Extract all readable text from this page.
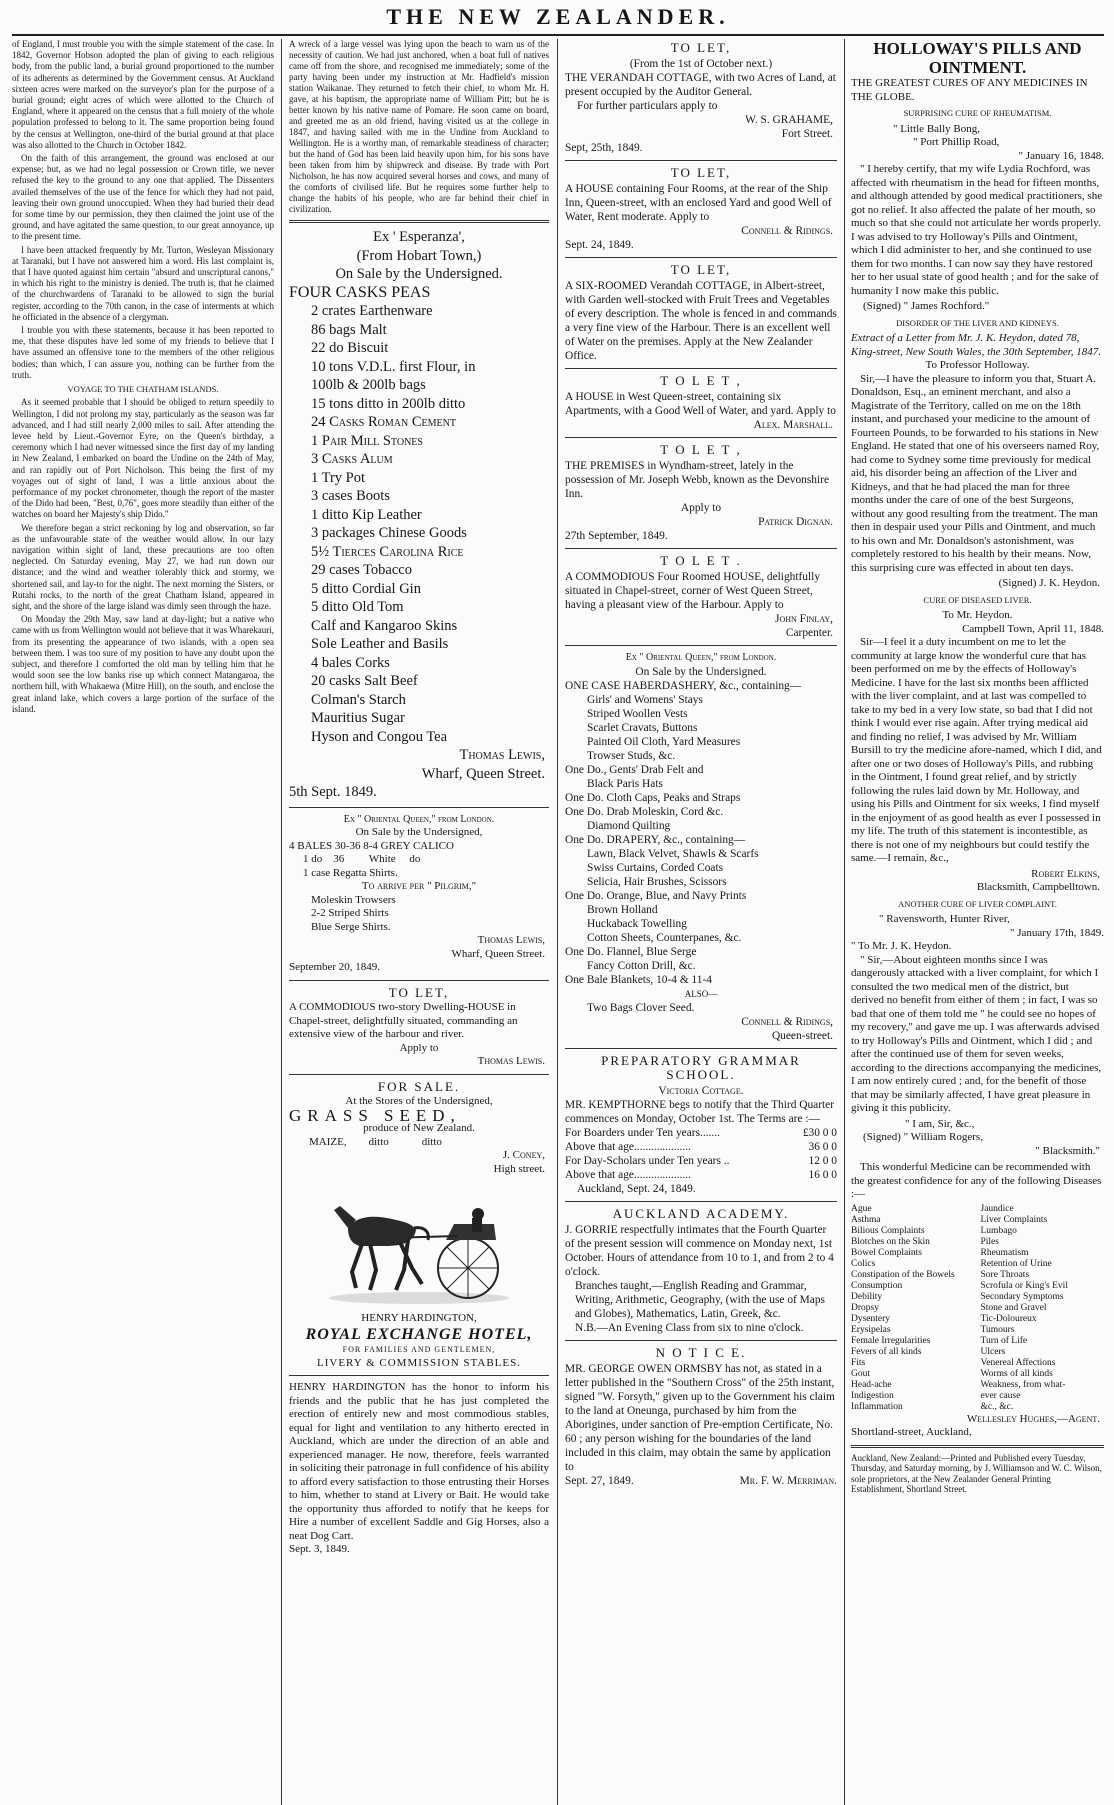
THE NEW ZEALANDER.

of England, I must trouble you with the simple statement of the case. In 1842, Governor Hobson adopted the plan of giving to each religious body, from the public land, a burial ground proportioned to the number of its adherents as determined by the Government census. At Auckland sixteen acres were marked on the surveyor's plan for the purpose of a burial ground; eight acres of which were allotted to the Church of England, where it appeared on the census that a full moiety of the whole population professed to belong to it. The same proportion being found by the census at Wellington, one-third of the burial ground at that place was also allotted to the Church in October 1842.

On the faith of this arrangement, the ground was enclosed at our expense; but, as we had no legal possession or Crown title, we never refused the key to the ground to any one that applied. The Dissenters availed themselves of the use of the fence for which they had not paid, leaving their own ground unoccupied. When they had buried their dead for some time by our permission, they then claimed the joint use of the ground, and have agitated the same question, to our great annoyance, up to the present time.

I have been attacked frequently by Mr. Turton, Wesleyan Missionary at Taranaki, but I have not answered him a word. His last complaint is, that I have quoted against him certain "absurd and unscriptural canons," in which his right to the ministry is denied. The truth is, that he claimed of the churchwardens of Taranaki to be allowed to sign the burial register, according to the 70th canon, in the case of interments at which he officiated in the absence of a clergyman.

I trouble you with these statements, because it has been reported to me, that these disputes have led some of my friends to believe that I have assumed an offensive tone to the members of the other religious bodies; than which, I can assure you, nothing can be further from the truth.

VOYAGE TO THE CHATHAM ISLANDS.

As it seemed probable that I should be obliged to return speedily to Wellington, I did not prolong my stay, particularly as the season was far advanced, and I had still nearly 2,000 miles to sail. After attending the levee held by Lieut.-Governor Eyre, on the Queen's birthday, a ceremony which I had never witnessed since the first day of my landing in New Zealand, I embarked on board the Undine on the 24th of May, and ran rapidly out of Port Nicholson. This being the first of my voyages out of sight of land, I was a little anxious about the performance of my pocket chronometer, though the report of the master of the Dido had been, "Best, 0,76", goes more steadily than either of the watches on board her Majesty's ship Dido."

We therefore began a strict reckoning by log and observation, so far as the unfavourable state of the weather would allow. In our lazy navigation within sight of land, these precautions are too often neglected. On Saturday evening, May 27, we had run down our distance; and the wind and weather tolerably thick and stormy, we shortened sail, and lay-to for the night. The next morning the Sisters, or Rutahi rocks, to the north of the great Chatham Island, appeared in sight, and the shore of the large island was dimly seen through the haze.

On Monday the 29th May, saw land at day-light; but a native who came with us from Wellington would not believe that it was Wharekauri, from its presenting the appearance of two islands, with a open sea between them. I was too sure of my position to have any doubt upon the subject, and therefore I comforted the old man by telling him that he would soon see the low banks rise up which connect Matangaroa, the northern hill, with Whakaewa (Mitre Hill), on the south, and enclose the great inland lake, which covers a large portion of the surface of the island.

A wreck of a large vessel was lying upon the beach to warn us of the necessity of caution. We had just anchored, when a boat full of natives came off from the shore, and recognised me immediately; some of the party having been under my instruction at Mr. Hadfield's mission station Waikanae. They returned to fetch their chief, to whom Mr. H. gave, at his baptism, the appropriate name of William Pitt; but he is better known by his native name of Pomare. He soon came on board, and greeted me as an old friend, having visited us at the college in 1847, and having sailed with me in the Undine from Auckland to Wellington. He is a worthy man, of remarkable steadiness of character; but the hand of God has been laid heavily upon him, for his sons have been taken from him by shipwreck and disease. By trade with Port Nicholson, he has now acquired several horses and cows, and many of the comforts of civilised life. But he requires some further help to change the habits of his people, who are far behind their chief in civilization.

Ex ' Esperanza',
(From Hobart Town,)
On Sale by the Undersigned.
FOUR CASKS PEAS
2 crates Earthenware
86 bags Malt
22 do Biscuit
10 tons V.D.L. first Flour, in
100lb & 200lb bags
15 tons ditto in 200lb ditto
24 Casks Roman Cement
1 Pair Mill Stones
3 Casks Alum
1 Try Pot
3 cases Boots
1 ditto Kip Leather
3 packages Chinese Goods
5½ Tierces Carolina Rice
29 cases Tobacco
5 ditto Cordial Gin
5 ditto Old Tom
Calf and Kangaroo Skins
Sole Leather and Basils
4 bales Corks
20 casks Salt Beef
Colman's Starch
Mauritius Sugar
Hyson and Congou Tea
Thomas Lewis,
Wharf, Queen Street.
5th Sept. 1849.
Ex " Oriental Queen," from London.
On Sale by the Undersigned,
4 BALES 30-36 8-4 GREY CALICO
1 do    36         White     do
1 case Regatta Shirts.
To arrive per " Pilgrim,"
Moleskin Trowsers
2-2 Striped Shirts
Blue Serge Shirts.
Thomas Lewis,
Wharf, Queen Street.
September 20, 1849.
TO LET,
A COMMODIOUS two-story Dwelling-HOUSE in Chapel-street, delightfully situated, commanding an extensive view of the harbour and river.
Apply to
Thomas Lewis.
FOR SALE.
At the Stores of the Undersigned,
GRASS SEED,
produce of New Zealand.
MAIZE,        ditto            ditto
J. Coney,
High street.
HENRY HARDINGTON,
ROYAL EXCHANGE HOTEL,
FOR FAMILIES AND GENTLEMEN,
LIVERY & COMMISSION STABLES.
HENRY HARDINGTON has the honor to inform his friends and the public that he has just completed the erection of entirely new and most commodious stables, equal for light and ventilation to any hitherto erected in Auckland, which are under the direction of an able and experienced manager. He now, therefore, feels warranted in soliciting their patronage in full confidence of his ability to afford every satisfaction to those entrusting their Horses to him, whether to stand at Livery or Bait. He would take the opportunity thus afforded to notify that he keeps for Hire a number of excellent Saddle and Gig Horses, also a neat Dog Cart.
Sept. 3, 1849.
TO LET,
(From the 1st of October next.)
THE VERANDAH COTTAGE, with two Acres of Land, at present occupied by the Auditor General.
For further particulars apply to
W. S. GRAHAME,
Fort Street.
Sept, 25th, 1849.
TO LET,
A HOUSE containing Four Rooms, at the rear of the Ship Inn, Queen-street, with an enclosed Yard and good Well of Water, Rent moderate. Apply to
Connell & Ridings.
Sept. 24, 1849.
TO LET,
A SIX-ROOMED Verandah COTTAGE, in Albert-street, with Garden well-stocked with Fruit Trees and Vegetables of every description. The whole is fenced in and commands a very fine view of the Harbour. There is an excellent well of Water on the premises. Apply at the New Zealander Office.
T O L E T ,
A HOUSE in West Queen-street, containing six Apartments, with a Good Well of Water, and yard. Apply to
Alex. Marshall.
T O L E T ,
THE PREMISES in Wyndham-street, lately in the possession of Mr. Joseph Webb, known as the Devonshire Inn.
Apply to
Patrick Dignan.
27th September, 1849.
T O L E T .
A COMMODIOUS Four Roomed HOUSE, delightfully situated in Chapel-street, corner of West Queen Street, having a pleasant view of the Harbour. Apply to
John Finlay,
Carpenter.
Ex " Oriental Queen," from London.
On Sale by the Undersigned.
ONE CASE HABERDASHERY, &c., containing—
Girls' and Womens' Stays
Striped Woollen Vests
Scarlet Cravats, Buttons
Painted Oil Cloth, Yard Measures
Trowser Studs, &c.
One Do., Gents' Drab Felt and
Black Paris Hats
One Do. Cloth Caps, Peaks and Straps
One Do. Drab Moleskin, Cord &c.
Diamond Quilting
One Do. DRAPERY, &c., containing—
Lawn, Black Velvet, Shawls & Scarfs
Swiss Curtains, Corded Coats
Selicia, Hair Brushes, Scissors
One Do. Orange, Blue, and Navy Prints
Brown Holland
Huckaback Towelling
Cotton Sheets, Counterpanes, &c.
One Do. Flannel, Blue Serge
Fancy Cotton Drill, &c.
One Bale Blankets, 10-4 & 11-4
ALSO—
Two Bags Clover Seed.
Connell & Ridings,
Queen-street.
PREPARATORY GRAMMAR SCHOOL.
Victoria Cottage.
MR. KEMPTHORNE begs to notify that the Third Quarter commences on Monday, October 1st. The Terms are :—
For Boarders under Ten years.......	£30 0 0
Above that age....................	36 0 0
For Day-Scholars under Ten years ..	12 0 0
Above that age....................	16 0 0
Auckland, Sept. 24, 1849.
AUCKLAND ACADEMY.
J. GORRIE respectfully intimates that the Fourth Quarter of the present session will commence on Monday next, 1st October. Hours of attendance from 10 to 1, and from 2 to 4 o'clock.
Branches taught,—English Reading and Grammar, Writing, Arithmetic, Geography, (with the use of Maps and Globes), Mathematics, Latin, Greek, &c.
N.B.—An Evening Class from six to nine o'clock.
N O T I C E.
MR. GEORGE OWEN ORMSBY has not, as stated in a letter published in the "Southern Cross" of the 25th instant, signed "W. Forsyth," given up to the Government his claim to the land at Oneunga, purchased by him from the Aborigines, under sanction of Pre-emption Certificate, No. 60 ; any person wishing for the boundaries of the land included in this claim, may obtain the same by application to
Sept. 27, 1849.	Mr. F. W. Merriman.
HOLLOWAY'S PILLS AND
OINTMENT.
THE GREATEST CURES OF ANY MEDICINES IN THE GLOBE.
SURPRISING CURE OF RHEUMATISM.
" Little Bally Bong,
" Port Phillip Road,
" January 16, 1848.

" I hereby certify, that my wife Lydia Rochford, was affected with rheumatism in the head for fifteen months, and although attended by good medical practitioners, she got no relief. It also affected the palate of her mouth, so much so that she could not articulate her words properly. I was advised to try Holloway's Pills and Ointment, which I did administer to her, and she continued to use them for two months. I can now say they have restored her to her usual state of good health ; and for the sake of humanity I now make this public.

(Signed) " James Rochford."
DISORDER OF THE LIVER AND KIDNEYS.
Extract of a Letter from Mr. J. K. Heydon, dated 78, King-street, New South Wales, the 30th September, 1847.
To Professor Holloway.

Sir,—I have the pleasure to inform you that, Stuart A. Donaldson, Esq., an eminent merchant, and also a Magistrate of the Territory, called on me on the 18th instant, and purchased your medicine to the amount of Fourteen Pounds, to be forwarded to his stations in New England. He stated that one of his overseers named Roy, had come to Sydney some time previously for medical aid, his disorder being an affection of the Liver and Kidneys, and that he had placed the man for three months under the care of one of the best Surgeons, without any good resulting from the treatment. The man then in despair used your Pills and Ointment, and much to his own and Mr. Donaldson's astonishment, was completely restored to his health by their means. Now, this surprising cure was effected in about ten days.

(Signed) J. K. Heydon.
CURE OF DISEASED LIVER.
To Mr. Heydon.
Campbell Town, April 11, 1848.

Sir—I feel it a duty incumbent on me to let the community at large know the wonderful cure that has been performed on me by the effects of Holloway's Medicine. I have for the last six months been afflicted with the liver complaint, and at last was compelled to take to my bed in a very low state, so bad that I did not think I would ever rise again. After trying medical aid and finding no relief, I was advised by Mr. William Bursill to try the medicine afore-named, which I did, and after one or two doses of Holloway's Pills, and rubbing in the Ointment, I found great relief, and by strictly following the rules laid down by Mr. Holloway, and using his Pills and Ointment for six weeks, I find myself in the enjoyment of as good health as ever I possessed in my life. The truth of this statement is incontestible, as there is not one of my neighbours but could testify the same.—I remain, &c.,

Robert Elkins,
Blacksmith, Campbelltown.
ANOTHER CURE OF LIVER COMPLAINT.
" Ravensworth, Hunter River,
" January 17th, 1849.
" To Mr. J. K. Heydon.

" Sir,—About eighteen months since I was dangerously attacked with a liver complaint, for which I consulted the two medical men of the district, but derived no benefit from either of them ; in fact, I was so bad that one of them told me " he could see no hopes of my recovery," and gave me up. I was afterwards advised to try Holloway's Pills and Ointment, which I did ; and after the continued use of them for seven weeks, according to the directions accompanying the medicines, I am now entirely cured ; and, for the benefit of those that may be similarly affected, I have great pleasure in giving it this publicity.

" I am, Sir, &c.,
(Signed) " William Rogers,
" Blacksmith."

This wonderful Medicine can be recommended with the greatest confidence for any of the following Diseases :—

Ague	Jaundice
Asthma	Liver Complaints
Bilious Complaints	Lumbago
Blotches on the Skin	Piles
Bowel Complaints	Rheumatism
Colics	Retention of Urine
Constipation of the Bowels	Sore Throats
Consumption	Scrofula or King's Evil
Debility	Secondary Symptoms
Dropsy	Stone and Gravel
Dysentery	Tic-Doloureux
Erysipelas	Tumours
Female Irregularities	Turn of Life
Fevers of all kinds	Ulcers
Fits	Venereal Affections
Gout	Worms of all kinds
Head-ache	Weakness, from what-
Indigestion	ever cause
Inflammation	&c., &c.
Wellesley Hughes,—Agent.
Shortland-street, Auckland,
Auckland, New Zealand:—Printed and Published every Tuesday, Thursday, and Saturday morning, by J. Williamson and W. C. Wilson, sole proprietors, at the New Zealander General Printing Establishment, Shortland Street.
